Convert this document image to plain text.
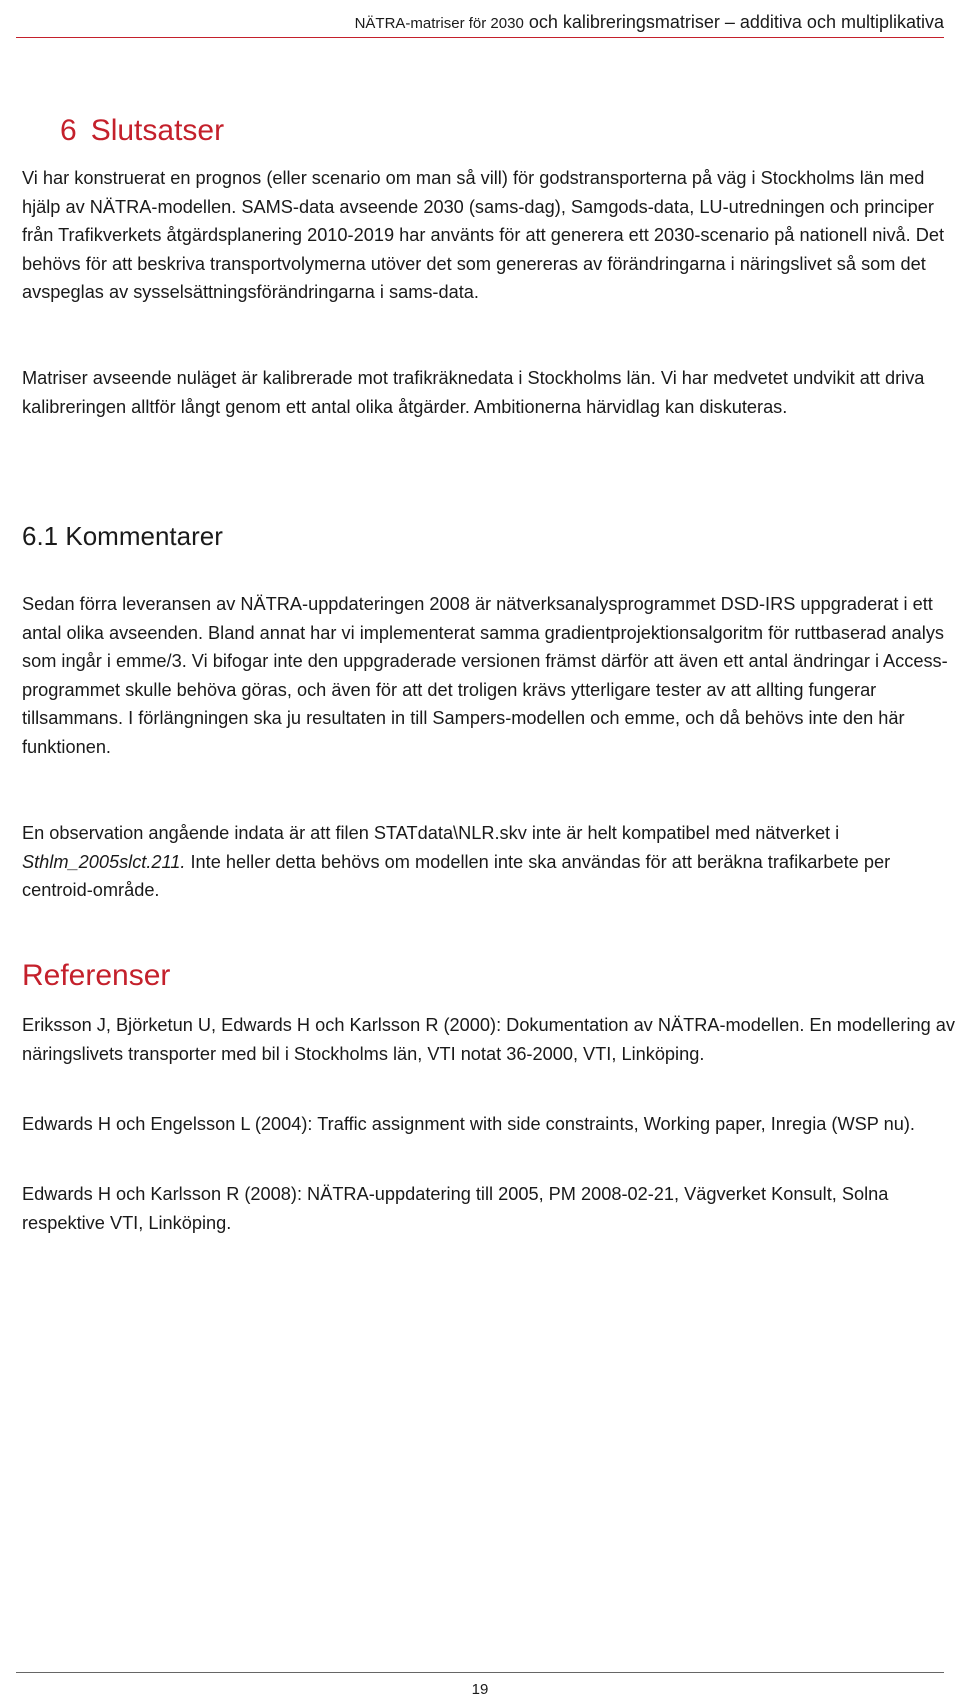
NÄTRA-matriser för 2030 och kalibreringsmatriser – additiva och multiplikativa
6 Slutsatser

Vi har konstruerat en prognos (eller scenario om man så vill) för godstransporterna på väg i Stockholms län med hjälp av NÄTRA-modellen. SAMS-data avseende 2030 (sams-dag), Samgods-data, LU-utredningen och principer från Trafikverkets åtgärdsplanering 2010-2019 har använts för att generera ett 2030-scenario på nationell nivå. Det behövs för att beskriva transportvolymerna utöver det som genereras av förändringarna i näringslivet så som det avspeglas av sysselsättningsförändringarna i sams-data.

Matriser avseende nuläget är kalibrerade mot trafikräknedata i Stockholms län. Vi har medvetet undvikit att driva kalibreringen alltför långt genom ett antal olika åtgärder. Ambitionerna härvidlag kan diskuteras.

6.1 Kommentarer

Sedan förra leveransen av NÄTRA-uppdateringen 2008 är nätverksanalysprogrammet DSD-IRS uppgraderat i ett antal olika avseenden. Bland annat har vi implementerat samma gradientprojektionsalgoritm för ruttbaserad analys som ingår i emme/3. Vi bifogar inte den uppgraderade versionen främst därför att även ett antal ändringar i Access-programmet skulle behöva göras, och även för att det troligen krävs ytterligare tester av att allting fungerar tillsammans. I förlängningen ska ju resultaten in till Sampers-modellen och emme, och då behövs inte den här funktionen.

En observation angående indata är att filen STATdata\NLR.skv inte är helt kompatibel med nätverket i Sthlm_2005slct.211. Inte heller detta behövs om modellen inte ska användas för att beräkna trafikarbete per centroid-område.

Referenser

Eriksson J, Björketun U, Edwards H och Karlsson R (2000): Dokumentation av NÄTRA-modellen. En modellering av näringslivets transporter med bil i Stockholms län, VTI notat 36-2000, VTI, Linköping.

Edwards H och Engelsson L (2004): Traffic assignment with side constraints, Working paper, Inregia (WSP nu).

Edwards H och Karlsson R (2008): NÄTRA-uppdatering till 2005, PM 2008-02-21, Vägverket Konsult, Solna respektive VTI, Linköping.

19
